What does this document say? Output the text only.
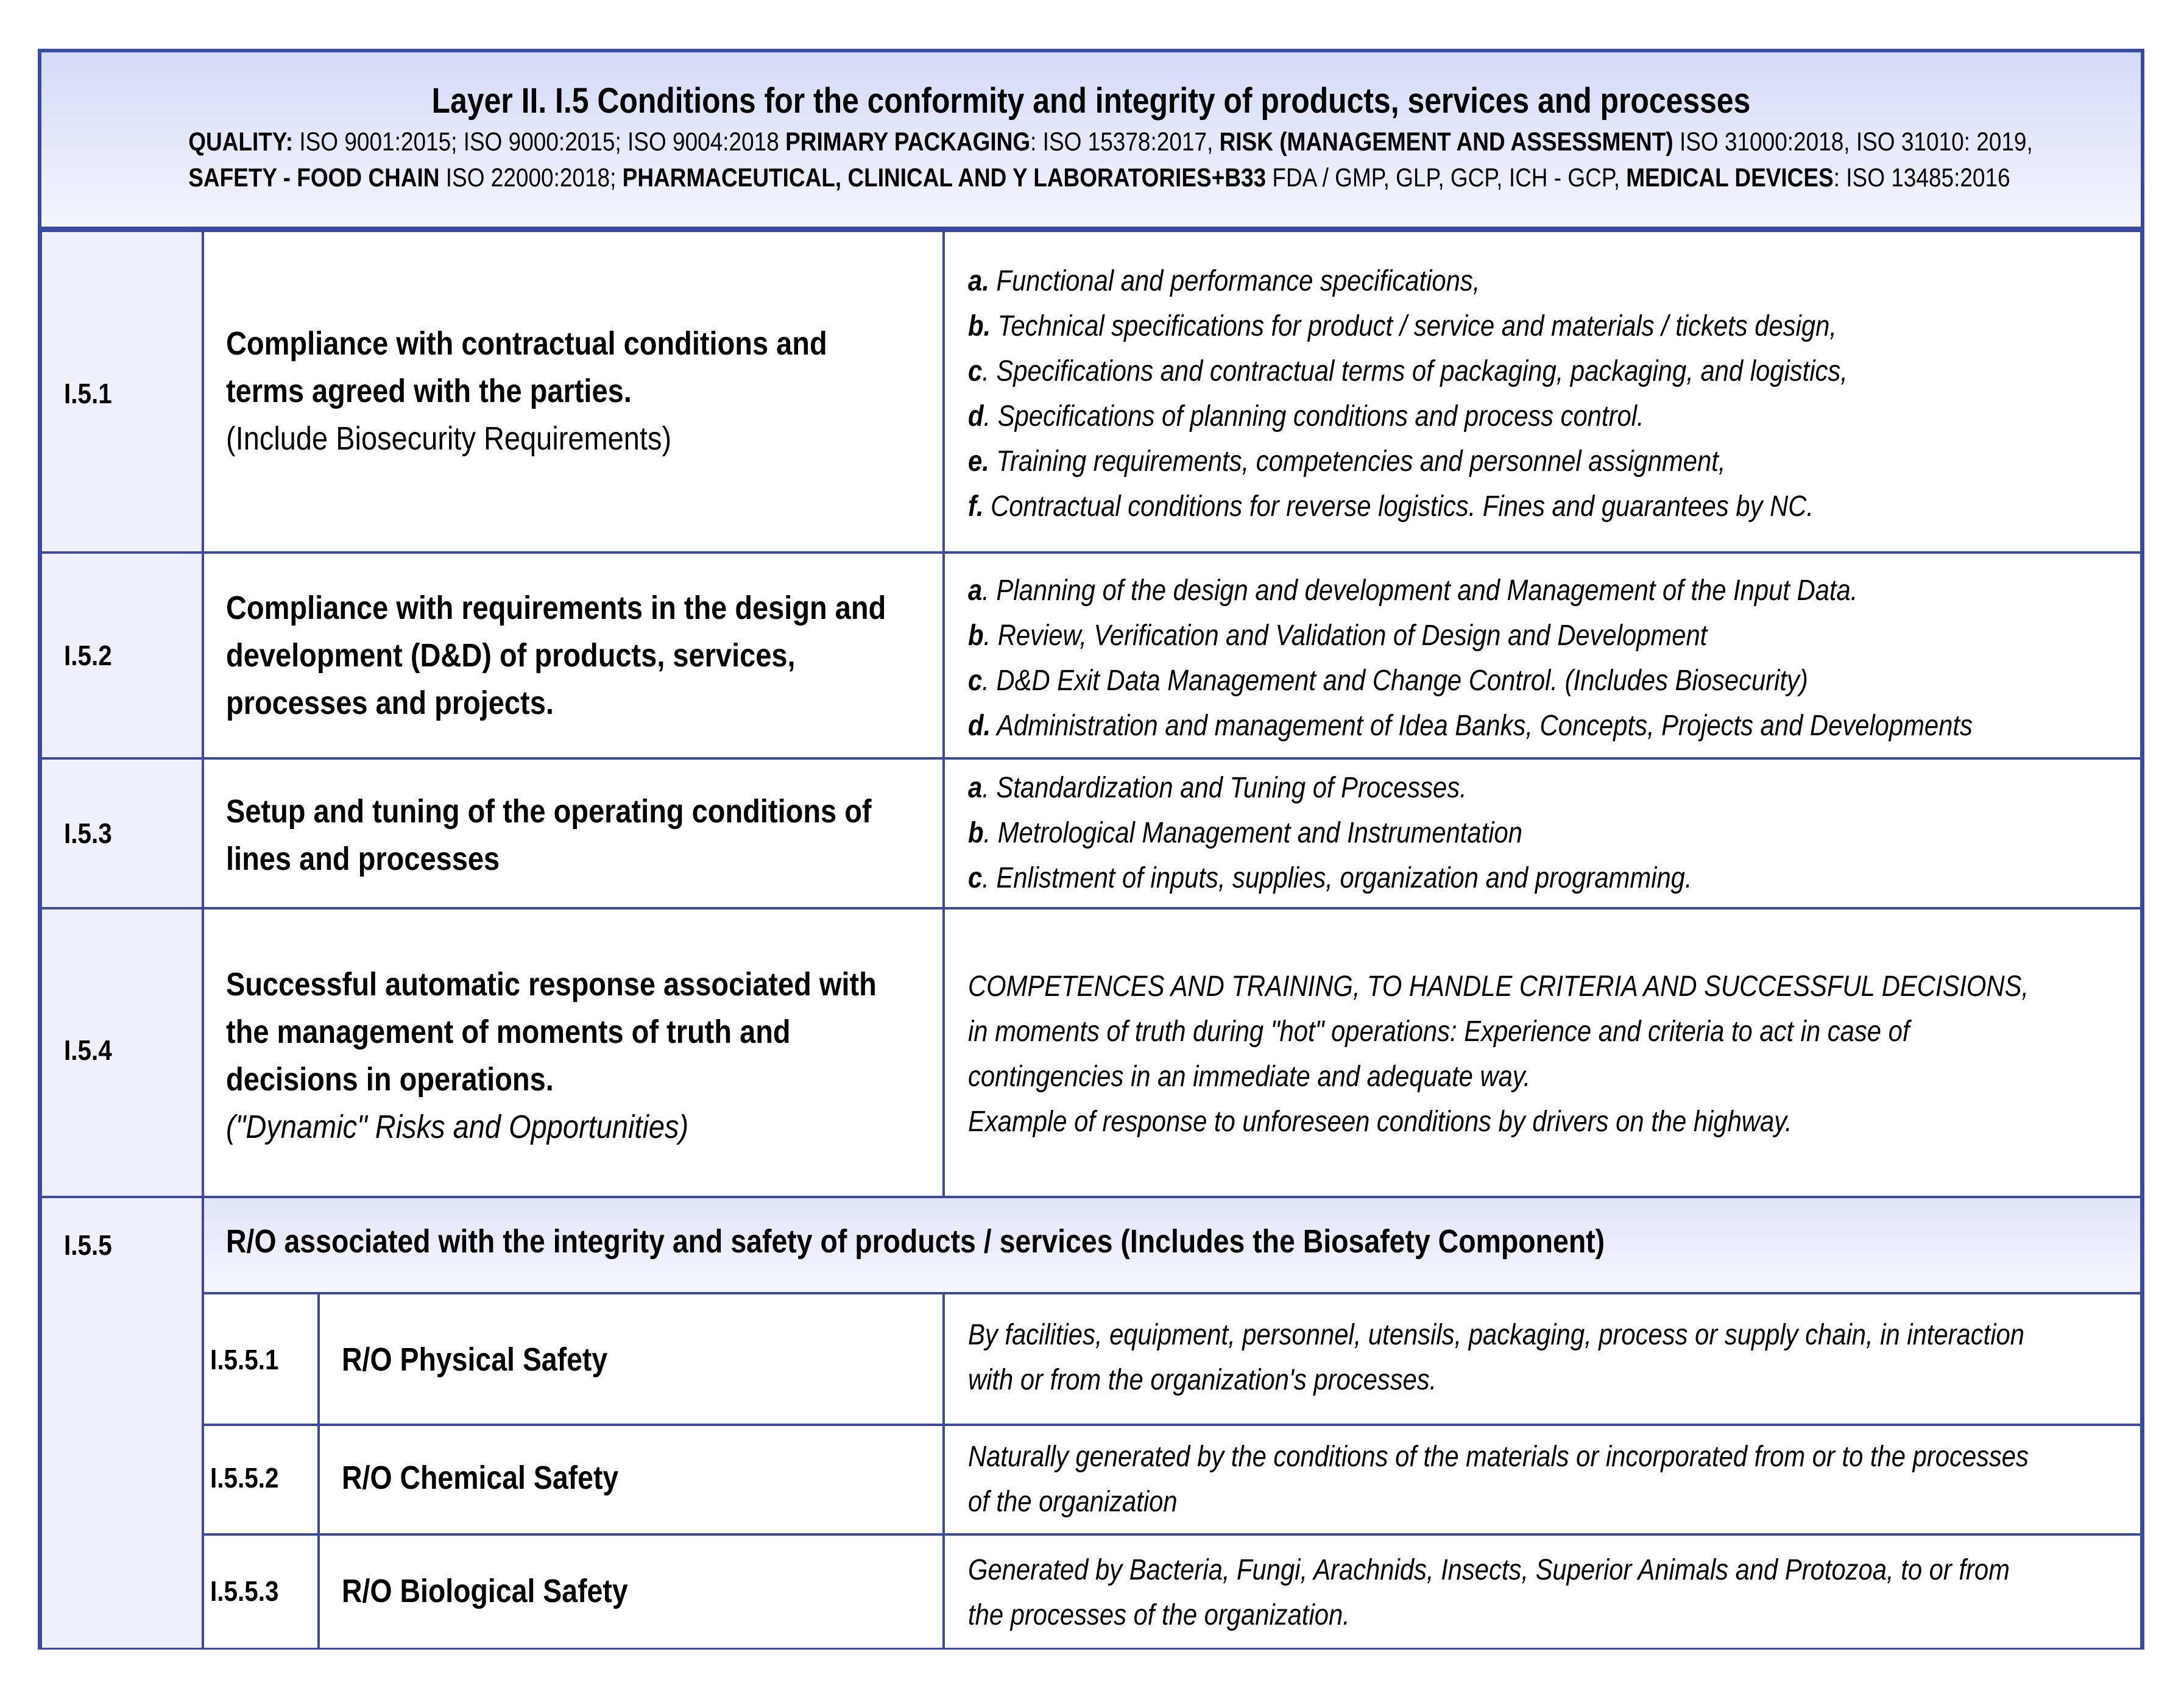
Layer II. I.5 Conditions for the conformity and integrity of products, services and processes
QUALITY: ISO 9001:2015; ISO 9000:2015; ISO 9004:2018 PRIMARY PACKAGING: ISO 15378:2017, RISK (MANAGEMENT AND ASSESSMENT) ISO 31000:2018, ISO 31010: 2019,
SAFETY - FOOD CHAIN ISO 22000:2018; PHARMACEUTICAL, CLINICAL AND Y LABORATORIES+B33 FDA / GMP, GLP, GCP, ICH - GCP, MEDICAL DEVICES: ISO 13485:2016
I.5.1
Compliance with contractual conditions and
terms agreed with the parties.
(Include Biosecurity Requirements)
a. Functional and performance specifications,
b. Technical specifications for product / service and materials / tickets design,
c. Specifications and contractual terms of packaging, packaging, and logistics,
d. Specifications of planning conditions and process control.
e. Training requirements, competencies and personnel assignment,
f. Contractual conditions for reverse logistics. Fines and guarantees by NC.
I.5.2
Compliance with requirements in the design and
development (D&D) of products, services,
processes and projects.
a. Planning of the design and development and Management of the Input Data.
b. Review, Verification and Validation of Design and Development
c. D&D Exit Data Management and Change Control. (Includes Biosecurity)
d. Administration and management of Idea Banks, Concepts, Projects and Developments
I.5.3
Setup and tuning of the operating conditions of
lines and processes
a. Standardization and Tuning of Processes.
b. Metrological Management and Instrumentation
c. Enlistment of inputs, supplies, organization and programming.
I.5.4
Successful automatic response associated with
the management of moments of truth and
decisions in operations.
("Dynamic" Risks and Opportunities)
COMPETENCES AND TRAINING, TO HANDLE CRITERIA AND SUCCESSFUL DECISIONS,
in moments of truth during "hot" operations: Experience and criteria to act in case of
contingencies in an immediate and adequate way.
Example of response to unforeseen conditions by drivers on the highway.
I.5.5	R/O associated with the integrity and safety of products / services (Includes the Biosafety Component)
I.5.5.1 R/O Physical Safety
By facilities, equipment, personnel, utensils, packaging, process or supply chain, in interaction
with or from the organization's processes.
I.5.5.2 R/O Chemical Safety
Naturally generated by the conditions of the materials or incorporated from or to the processes
of the organization
I.5.5.3 R/O Biological Safety
Generated by Bacteria, Fungi, Arachnids, Insects, Superior Animals and Protozoa, to or from
the processes of the organization.
